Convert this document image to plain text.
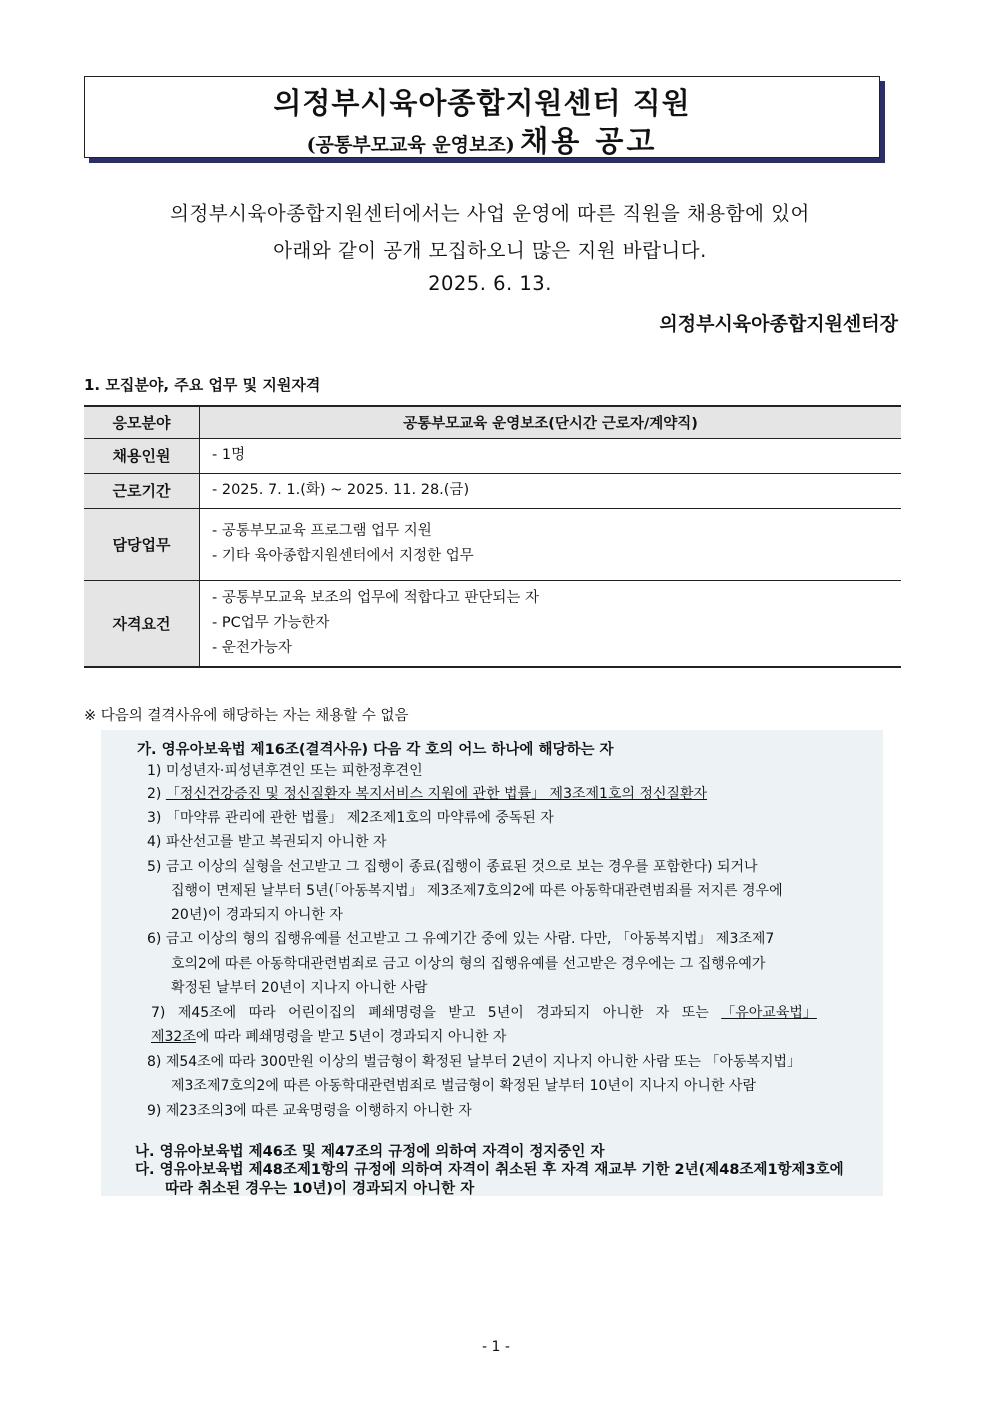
의정부시육아종합지원센터 직원
(공통부모교육 운영보조) 채용 공고
의정부시육아종합지원센터에서는 사업 운영에 따른 직원을 채용함에 있어
아래와 같이 공개 모집하오니 많은 지원 바랍니다.
2025. 6. 13.
의정부시육아종합지원센터장
1. 모집분야, 주요 업무 및 지원자격
응모분야	공통부모교육 운영보조(단시간 근로자/계약직)
채용인원	- 1명

근로기간	- 2025. 7. 1.(화) ~ 2025. 11. 28.(금)

담당업무	- 공통부모교육 프로그램 업무 지원
- 기타 육아종합지원센터에서 지정한 업무

자격요건	- 공통부모교육 보조의 업무에 적합다고 판단되는 자
- PC업무 가능한자
- 운전가능자
※ 다음의 결격사유에 해당하는 자는 채용할 수 없음
가. 영유아보육법 제16조(결격사유) 다음 각 호의 어느 하나에 해당하는 자
1) 미성년자·피성년후견인 또는 피한정후견인
2) 「정신건강증진 및 정신질환자 복지서비스 지원에 관한 법률」 제3조제1호의 정신질환자
3) 「마약류 관리에 관한 법률」 제2조제1호의 마약류에 중독된 자
4) 파산선고를 받고 복권되지 아니한 자
5) 금고 이상의 실형을 선고받고 그 집행이 종료(집행이 종료된 것으로 보는 경우를 포함한다) 되거나
집행이 면제된 날부터 5년(「아동복지법」 제3조제7호의2에 따른 아동학대관련범죄를 저지른 경우에
20년)이 경과되지 아니한 자
6) 금고 이상의 형의 집행유예를 선고받고 그 유예기간 중에 있는 사람. 다만, 「아동복지법」 제3조제7
호의2에 따른 아동학대관련범죄로 금고 이상의 형의 집행유예를 선고받은 경우에는 그 집행유예가
확정된 날부터 20년이 지나지 아니한 사람
7) 제45조에 따라 어린이집의 폐쇄명령을 받고 5년이 경과되지 아니한 자 또는 「유아교육법」
제32조에 따라 폐쇄명령을 받고 5년이 경과되지 아니한 자
8) 제54조에 따라 300만원 이상의 벌금형이 확정된 날부터 2년이 지나지 아니한 사람 또는 「아동복지법」
제3조제7호의2에 따른 아동학대관련범죄로 벌금형이 확정된 날부터 10년이 지나지 아니한 사람
9) 제23조의3에 따른 교육명령을 이행하지 아니한 자
나. 영유아보육법 제46조 및 제47조의 규정에 의하여 자격이 정지중인 자
다. 영유아보육법 제48조제1항의 규정에 의하여 자격이 취소된 후 자격 재교부 기한 2년(제48조제1항제3호에
따라 취소된 경우는 10년)이 경과되지 아니한 자
- 1 -
